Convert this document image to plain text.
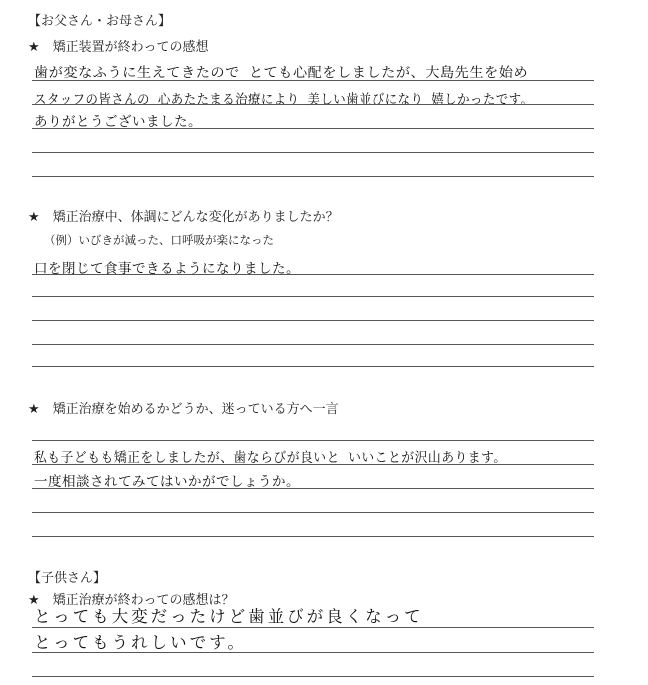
【お父さん・お母さん】
★　矯正装置が終わっての感想
歯が変なふうに生えてきたので とても心配をしましたが、大島先生を始め
スタッフの皆さんの 心あたたまる治療により 美しい歯並びになり 嬉しかったです。
ありがとうございました。
★　矯正治療中、体調にどんな変化がありましたか？
（例）いびきが減った、口呼吸が楽になった
口を閉じて食事できるようになりました。
★　矯正治療を始めるかどうか、迷っている方へ一言
私も子どもも矯正をしましたが、歯ならびが良いと いいことが沢山あります。
一度相談されてみてはいかがでしょうか。
【子供さん】
★　矯正治療が終わっての感想は？
とっても大変だったけど歯並びが良くなって
とってもうれしいです。
